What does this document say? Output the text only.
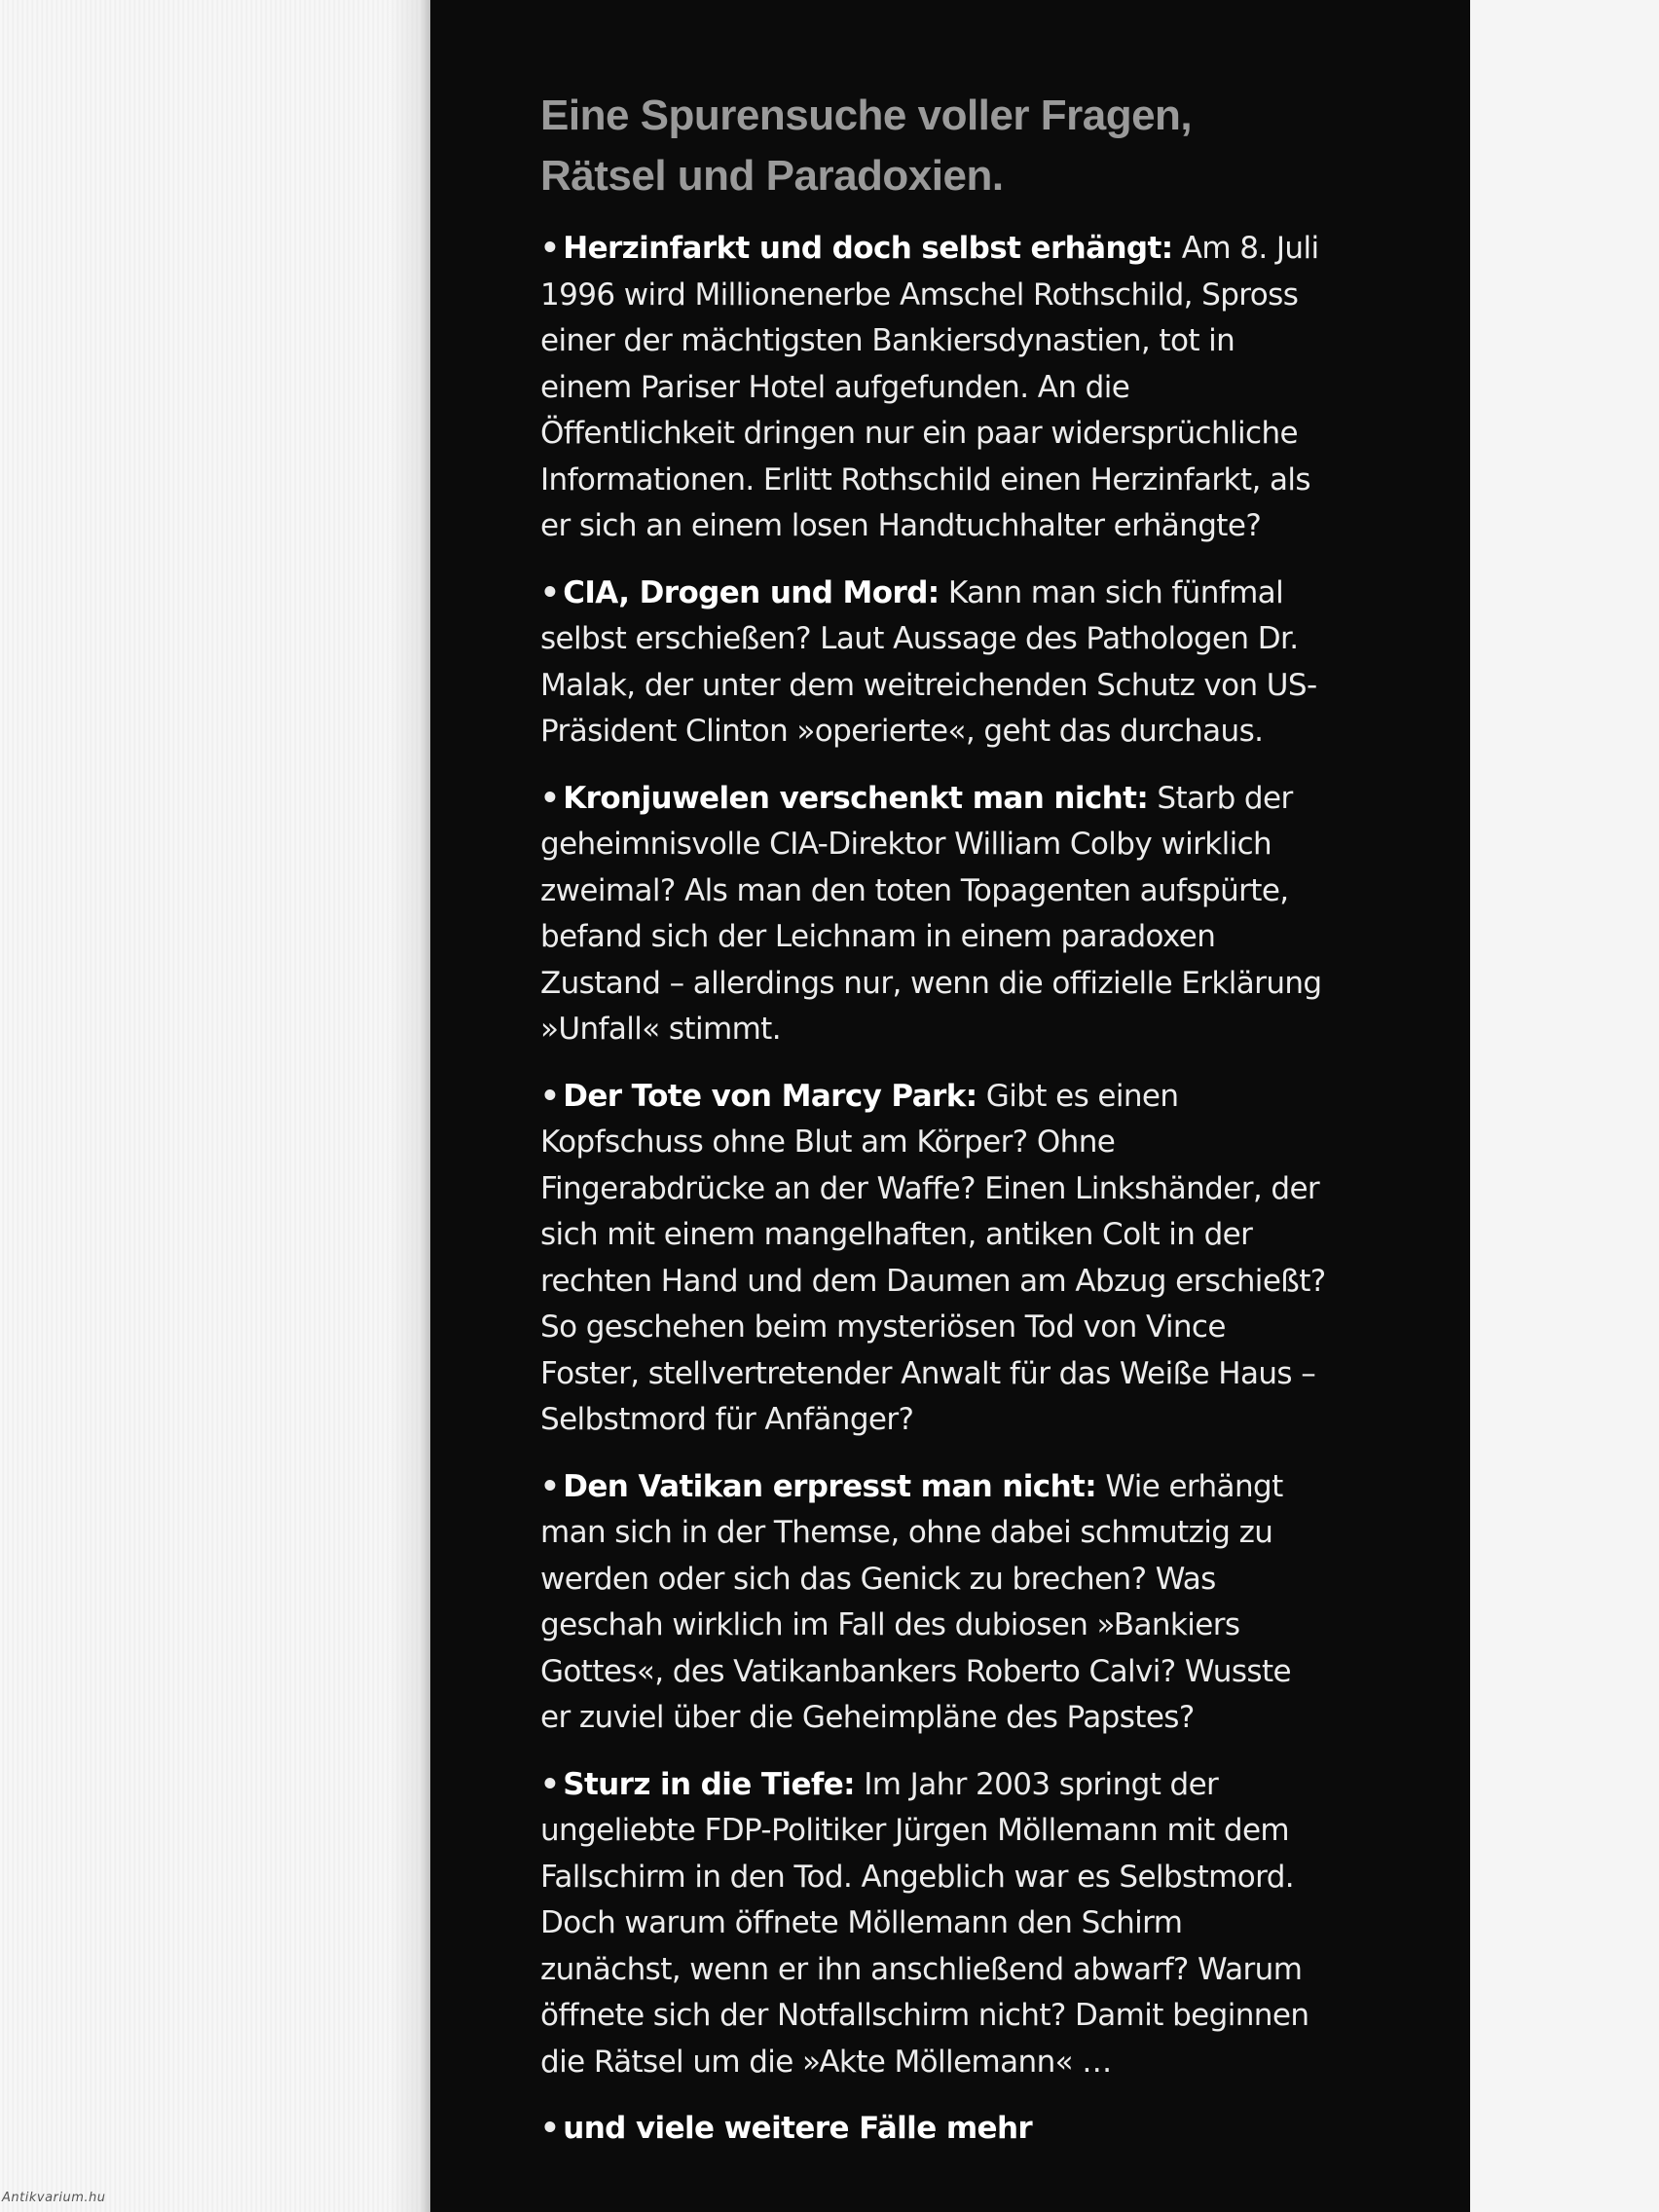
Eine Spurensuche voller Fragen,
Rätsel und Paradoxien.
• Herzinfarkt und doch selbst erhängt: Am 8. Juli 1996 wird Millionenerbe Amschel Rothschild, Spross einer der mächtigsten Bankiersdynastien, tot in einem Pariser Hotel aufgefunden. An die Öffentlichkeit dringen nur ein paar widersprüchliche Informationen. Erlitt Rothschild einen Herzinfarkt, als er sich an einem losen Handtuchhalter erhängte?
• CIA, Drogen und Mord: Kann man sich fünfmal selbst erschießen? Laut Aussage des Pathologen Dr. Malak, der unter dem weitreichenden Schutz von US-Präsident Clinton »operierte«, geht das durchaus.
• Kronjuwelen verschenkt man nicht: Starb der geheimnisvolle CIA-Direktor William Colby wirklich zweimal? Als man den toten Topagenten aufspürte, befand sich der Leichnam in einem paradoxen Zustand – allerdings nur, wenn die offizielle Erklärung »Unfall« stimmt.
• Der Tote von Marcy Park: Gibt es einen Kopfschuss ohne Blut am Körper? Ohne Fingerabdrücke an der Waffe? Einen Linkshänder, der sich mit einem mangelhaften, antiken Colt in der rechten Hand und dem Daumen am Abzug erschießt? So geschehen beim mysteriösen Tod von Vince Foster, stellvertretender Anwalt für das Weiße Haus – Selbstmord für Anfänger?
• Den Vatikan erpresst man nicht: Wie erhängt man sich in der Themse, ohne dabei schmutzig zu werden oder sich das Genick zu brechen? Was geschah wirklich im Fall des dubiosen »Bankiers Gottes«, des Vatikanbankers Roberto Calvi? Wusste er zuviel über die Geheimpläne des Papstes?
• Sturz in die Tiefe: Im Jahr 2003 springt der ungeliebte FDP-Politiker Jürgen Möllemann mit dem Fallschirm in den Tod. Angeblich war es Selbstmord. Doch warum öffnete Möllemann den Schirm zunächst, wenn er ihn anschließend abwarf? Warum öffnete sich der Notfallschirm nicht? Damit beginnen die Rätsel um die »Akte Möllemann« …
• und viele weitere Fälle mehr
Antikvarium.hu
